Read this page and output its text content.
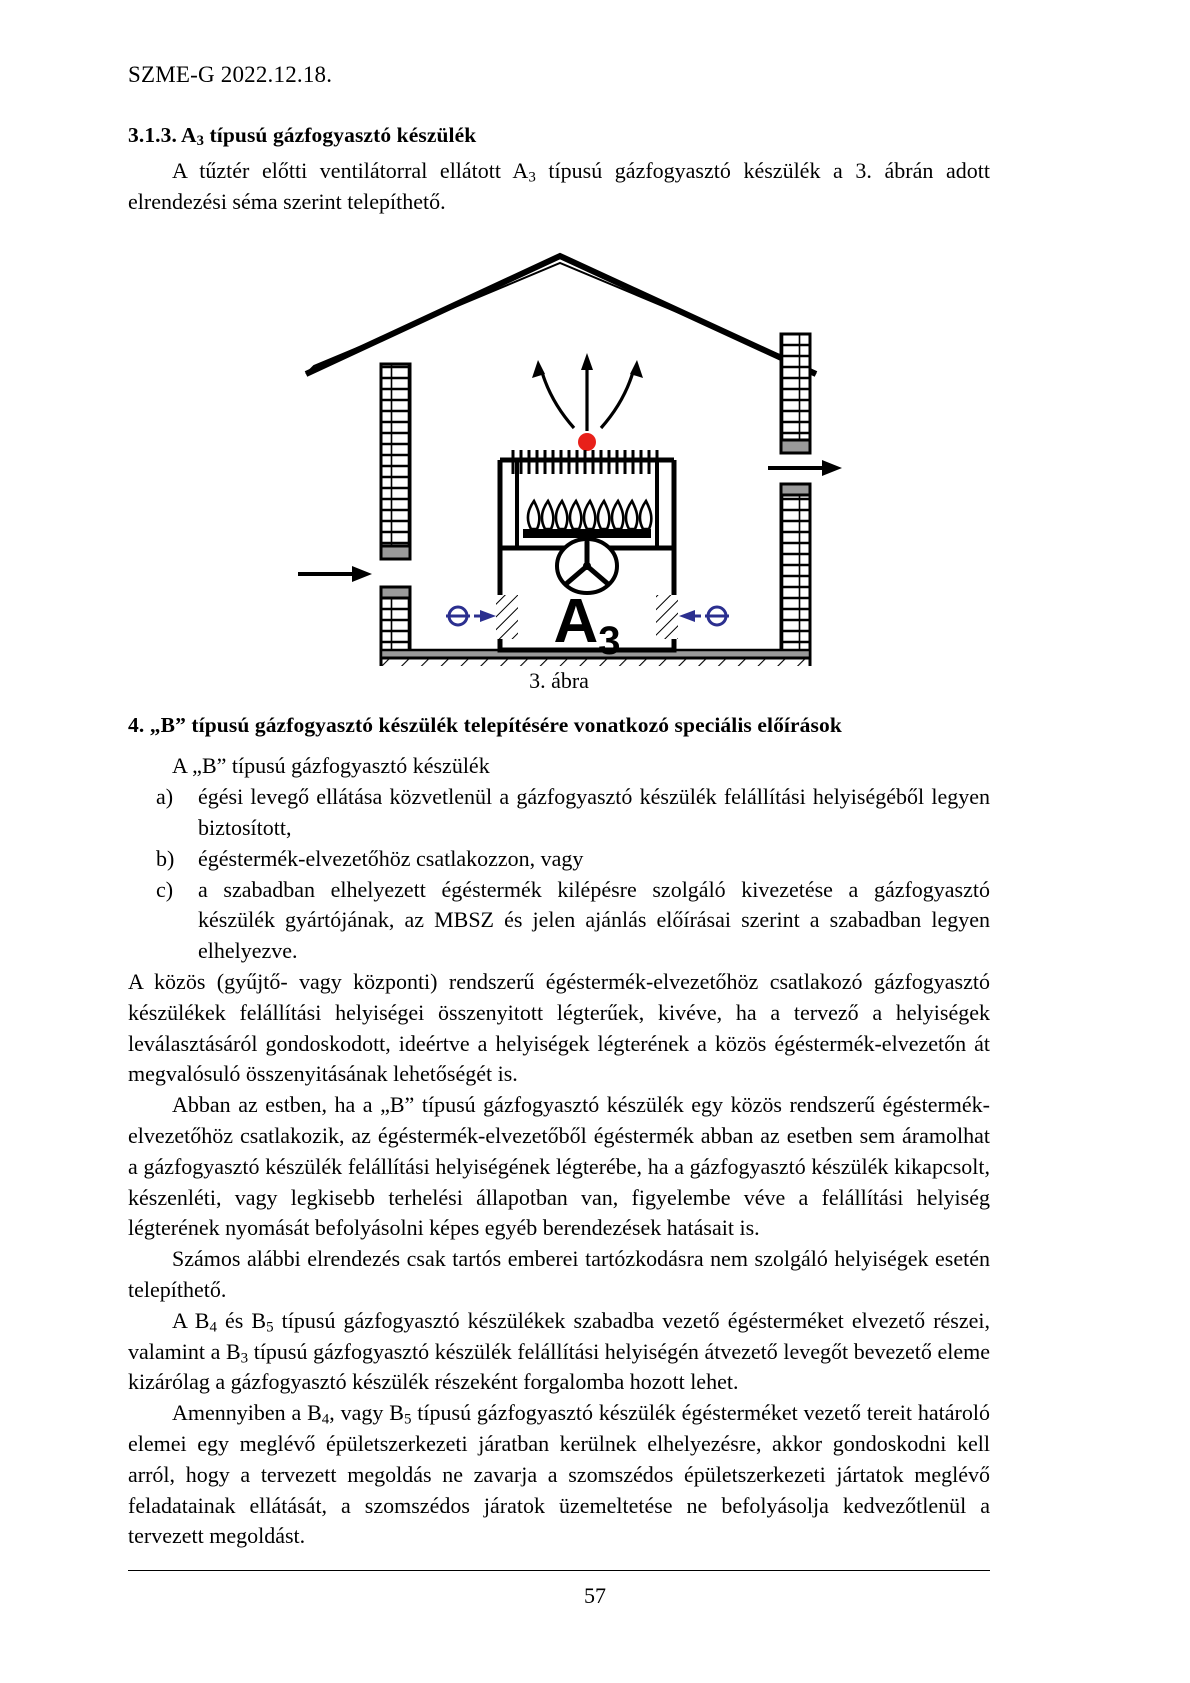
SZME-G 2022.12.18.
3.1.3. $A_3$ típusú gázfogyasztó készülék

A tűztér előtti ventilátorral ellátott $A_3$ típusú gázfogyasztó készülék a 3. ábrán adott elrendezési séma szerint telepíthető.

A3
3. ábra
4. „B” típusú gázfogyasztó készülék telepítésére vonatkozó speciális előírások

A „B” típusú gázfogyasztó készülék

a) égési levegő ellátása közvetlenül a gázfogyasztó készülék felállítási helyiségéből legyen biztosított,
b) égéstermék-elvezetőhöz csatlakozzon, vagy
c) a szabadban elhelyezett égéstermék kilépésre szolgáló kivezetése a gázfogyasztó készülék gyártójának, az MBSZ és jelen ajánlás előírásai szerint a szabadban legyen elhelyezve.

A közös (gyűjtő- vagy központi) rendszerű égéstermék-elvezetőhöz csatlakozó gázfogyasztó készülékek felállítási helyiségei összenyitott légterűek, kivéve, ha a tervező a helyiségek leválasztásáról gondoskodott, ideértve a helyiségek légterének a közös égéstermék-elvezetőn át megvalósuló összenyitásának lehetőségét is.

Abban az estben, ha a „B” típusú gázfogyasztó készülék egy közös rendszerű égéstermék-elvezetőhöz csatlakozik, az égéstermék-elvezetőből égéstermék abban az esetben sem áramolhat a gázfogyasztó készülék felállítási helyiségének légterébe, ha a gázfogyasztó készülék kikapcsolt, készenléti, vagy legkisebb terhelési állapotban van, figyelembe véve a felállítási helyiség légterének nyomását befolyásolni képes egyéb berendezések hatásait is.

Számos alábbi elrendezés csak tartós emberei tartózkodásra nem szolgáló helyiségek esetén telepíthető.

A $B_4$ és $B_5$ típusú gázfogyasztó készülékek szabadba vezető égésterméket elvezető részei, valamint a $B_3$ típusú gázfogyasztó készülék felállítási helyiségén átvezető levegőt bevezető eleme kizárólag a gázfogyasztó készülék részeként forgalomba hozott lehet.

Amennyiben a $B_4$, vagy $B_5$ típusú gázfogyasztó készülék égésterméket vezető tereit határoló elemei egy meglévő épületszerkezeti járatban kerülnek elhelyezésre, akkor gondoskodni kell arról, hogy a tervezett megoldás ne zavarja a szomszédos épületszerkezeti jártatok meglévő feladatainak ellátását, a szomszédos járatok üzemeltetése ne befolyásolja kedvezőtlenül a tervezett megoldást.

57
